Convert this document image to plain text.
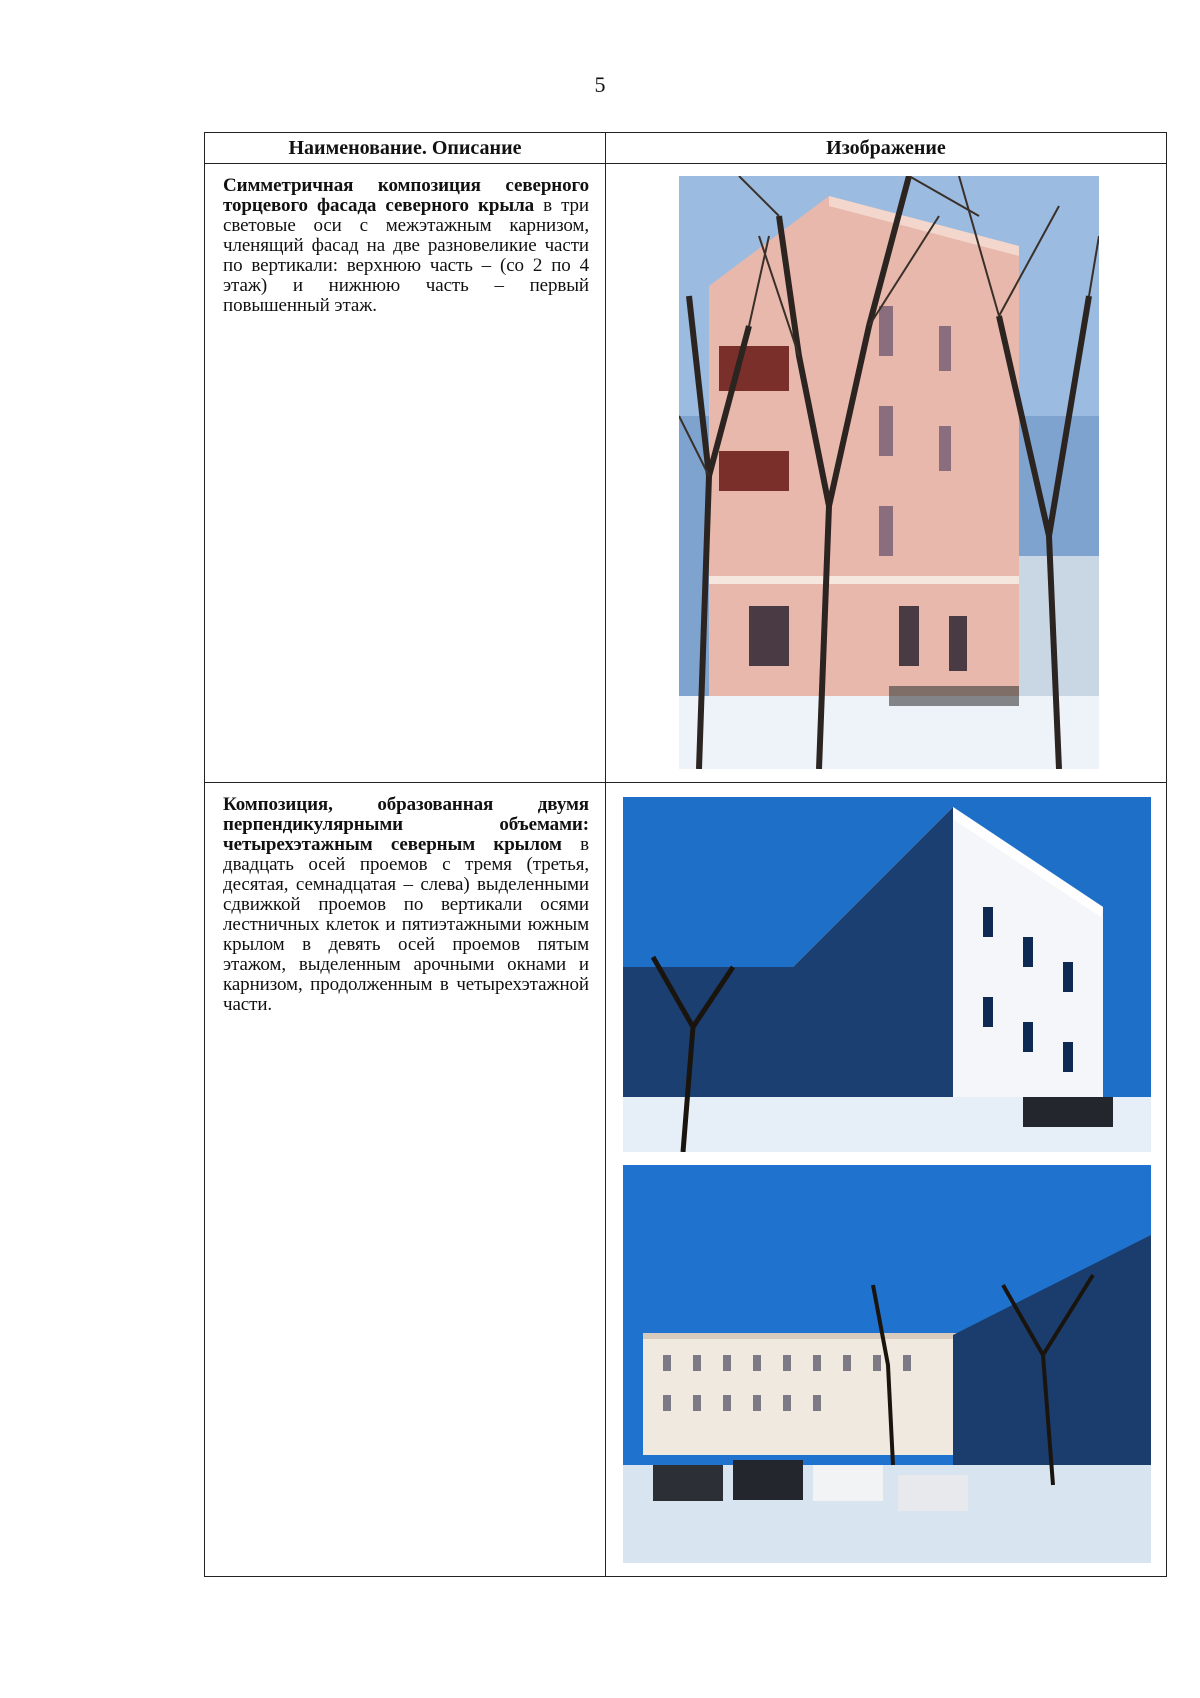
5
Наименование. Описание	Изображение

Симметричная композиция северного торцевого фасада северного крыла в три световые оси с межэтажным карнизом, членящий фасад на две разновеликие части по вертикали: верхнюю часть – (со 2 по 4 этаж) и нижнюю часть – первый повышенный этаж.

Композиция, образованная двумя перпендикулярными объемами: четырехэтажным северным крылом в двадцать осей проемов с тремя (третья, десятая, семнадцатая – слева) выделенными сдвижкой проемов по вертикали осями лестничных клеток и пятиэтажными южным крылом в девять осей проемов пятым этажом, выделенным арочными окнами и карнизом, продолженным в четырехэтажной части.
